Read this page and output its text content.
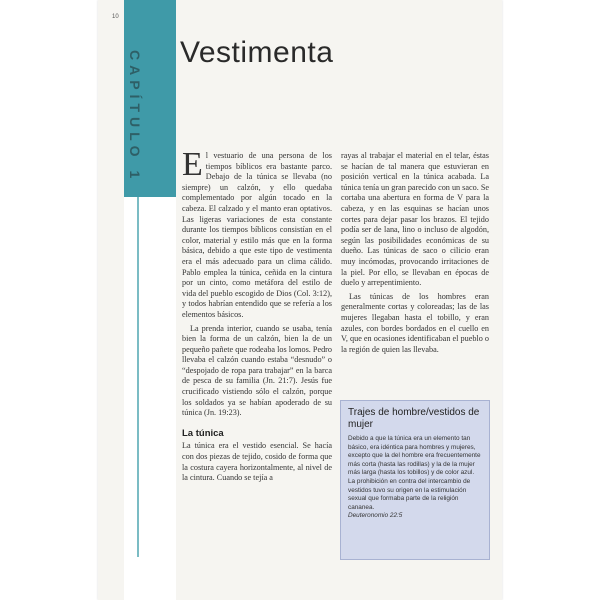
10
CAPÍTULO 1 Vestimenta

El vestuario de una persona de los tiempos bíblicos era bastante parco. Debajo de la túnica se llevaba (no siempre) un calzón, y ello quedaba complementado por algún tocado en la cabeza. El calzado y el manto eran optativos. Las ligeras variaciones de esta constante durante los tiempos bíblicos consistían en el color, material y estilo más que en la forma básica, debido a que este tipo de vestimenta era el más adecuado para un clima cálido. Pablo emplea la túnica, ceñida en la cintura por un cinto, como metáfora del estilo de vida del pueblo escogido de Dios (Col. 3:12), y todos habrían entendido que se refería a los elementos básicos.

La prenda interior, cuando se usaba, tenía bien la forma de un calzón, bien la de un pequeño pañete que rodeaba los lomos. Pedro llevaba el calzón cuando estaba “desnudo” o “despojado de ropa para trabajar” en la barca de pesca de su familia (Jn. 21:7). Jesús fue crucificado vistiendo sólo el calzón, porque los soldados ya se habían apoderado de su túnica (Jn. 19:23).

La túnica

La túnica era el vestido esencial. Se hacía con dos piezas de tejido, cosido de forma que la costura cayera horizontalmente, al nivel de la cintura. Cuando se tejía a

rayas al trabajar el material en el telar, éstas se hacían de tal manera que estuvieran en posición vertical en la túnica acabada. La túnica tenía un gran parecido con un saco. Se cortaba una abertura en forma de V para la cabeza, y en las esquinas se hacían unos cortes para dejar pasar los brazos. El tejido podía ser de lana, lino o incluso de algodón, según las posibilidades económicas de su dueño. Las túnicas de saco o cilicio eran muy incómodas, provocando irritaciones de la piel. Por ello, se llevaban en épocas de duelo y arrepentimiento.

Las túnicas de los hombres eran generalmente cortas y coloreadas; las de las mujeres llegaban hasta el tobillo, y eran azules, con bordes bordados en el cuello en V, que en ocasiones identificaban el pueblo o la región de quien las llevaba.

Trajes de hombre/vestidos de mujer

Debido a que la túnica era un elemento tan básico, era idéntica para hombres y mujeres, excepto que la del hombre era frecuentemente más corta (hasta las rodillas) y la de la mujer más larga (hasta los tobillos) y de color azul.

La prohibición en contra del intercambio de vestidos tuvo su origen en la estimulación sexual que formaba parte de la religión cananea.

Deuteronomio 22:5
